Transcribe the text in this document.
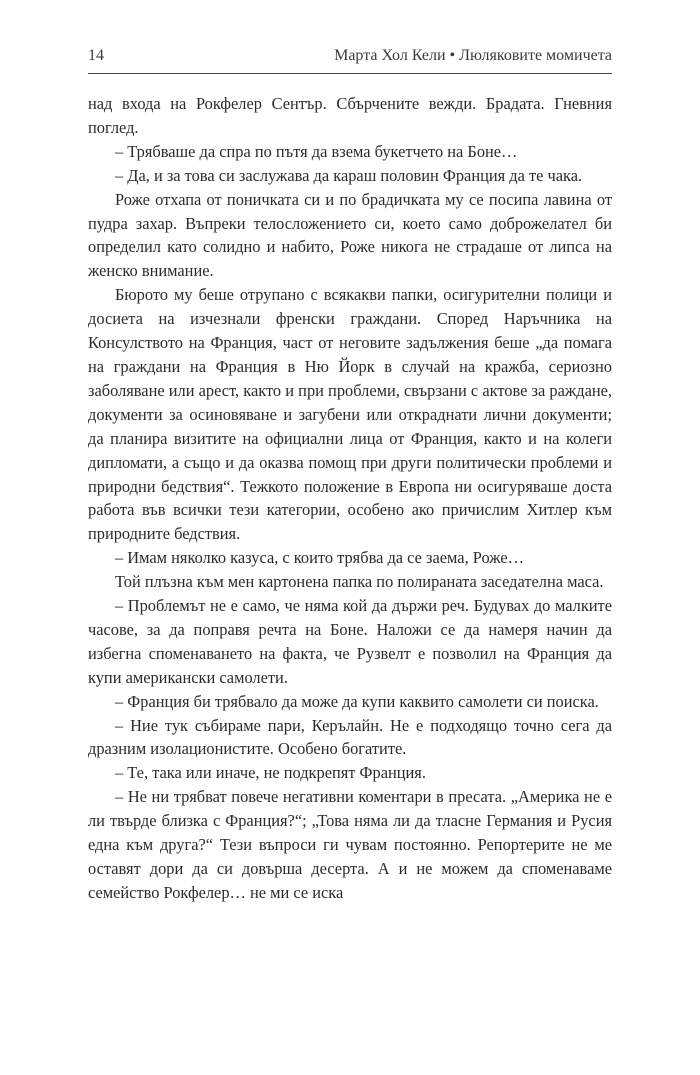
14	Марта Хол Кели • Люляковите момичета

над входа на Рокфелер Сентър. Сбърчените вежди. Брадата. Гневния поглед.

– Трябваше да спра по пътя да взема букетчето на Боне…

– Да, и за това си заслужава да караш половин Франция да те чака.

Роже отхапа от поничката си и по брадичката му се посипа лавина от пудра захар. Въпреки телосложението си, което само доброжелател би определил като солидно и набито, Роже никога не страдаше от липса на женско внимание.

Бюрото му беше отрупано с всякакви папки, осигурителни полици и досиета на изчезнали френски граждани. Според Наръчника на Консулството на Франция, част от неговите задължения беше „да помага на граждани на Франция в Ню Йорк в случай на кражба, сериозно заболяване или арест, както и при проблеми, свързани с актове за раждане, документи за осиновяване и загубени или откраднати лични документи; да планира визитите на официални лица от Франция, както и на колеги дипломати, а също и да оказва помощ при други политически проблеми и природни бедствия“. Тежкото положение в Европа ни осигуряваше доста работа във всички тези категории, особено ако причислим Хитлер към природните бедствия.

– Имам няколко казуса, с които трябва да се заема, Роже…

Той плъзна към мен картонена папка по полираната заседателна маса.

– Проблемът не е само, че няма кой да държи реч. Будувах до малките часове, за да поправя речта на Боне. Наложи се да намеря начин да избегна споменаването на факта, че Рузвелт е позволил на Франция да купи американски самолети.

– Франция би трябвало да може да купи каквито самолети си поиска.

– Ние тук събираме пари, Керълайн. Не е подходящо точно сега да дразним изолационистите. Особено богатите.

– Те, така или иначе, не подкрепят Франция.

– Не ни трябват повече негативни коментари в пресата. „Америка не е ли твърде близка с Франция?“; „Това няма ли да тласне Германия и Русия една към друга?“ Тези въпроси ги чувам постоянно. Репортерите не ме оставят дори да си довърша десерта. А и не можем да споменаваме семейство Рокфелер… не ми се иска
